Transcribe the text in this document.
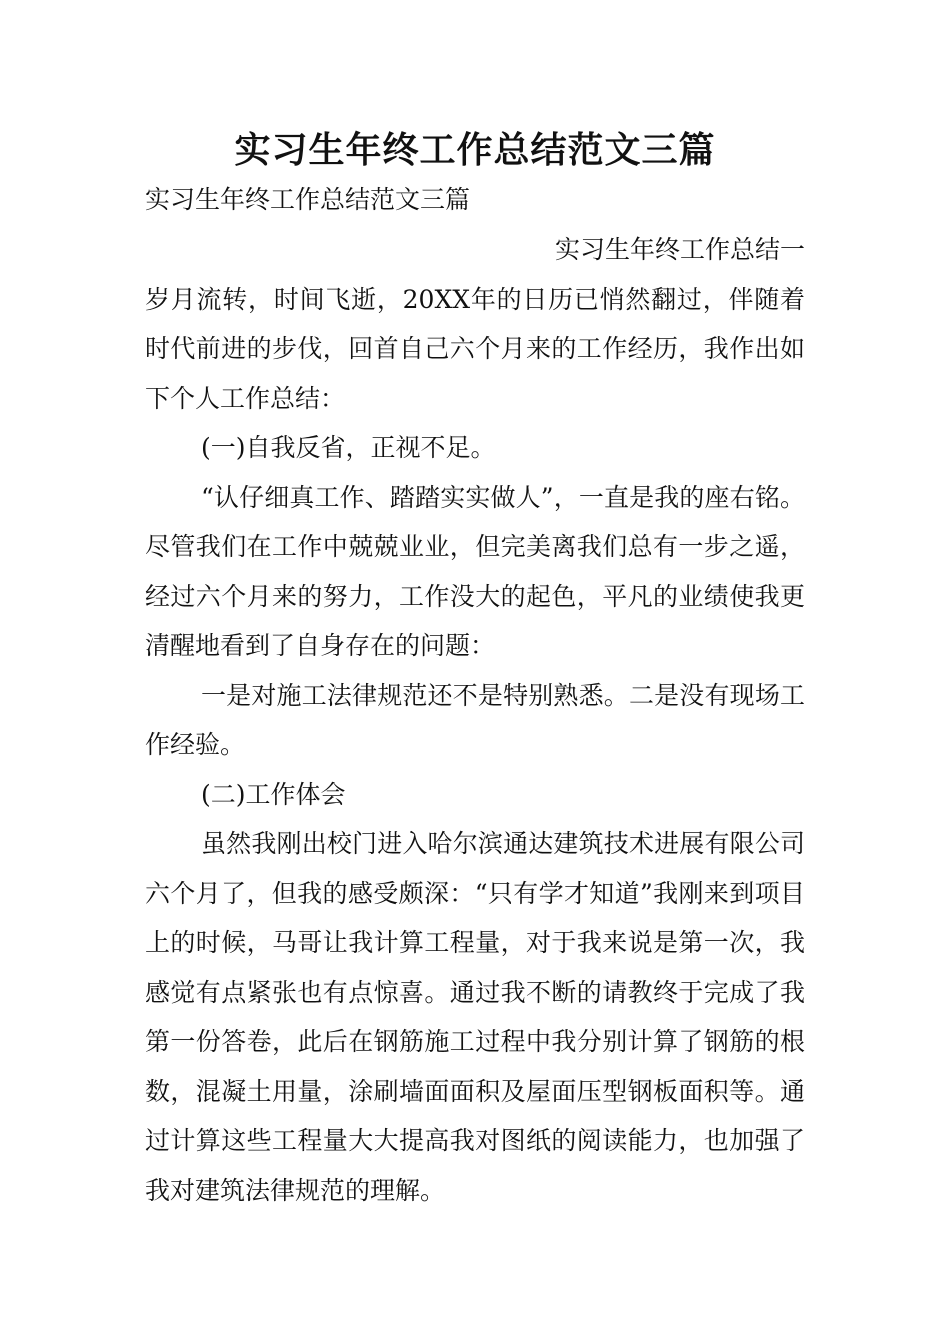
实习生年终工作总结范文三篇

实习生年终工作总结范文三篇

实习生年终工作总结一

岁月流转，时间飞逝，20XX年的日历已悄然翻过，伴随着时代前进的步伐，回首自己六个月来的工作经历，我作出如下个人工作总结：

(一)自我反省，正视不足。

“认仔细真工作、踏踏实实做人”，一直是我的座右铭。尽管我们在工作中兢兢业业，但完美离我们总有一步之遥，经过六个月来的努力，工作没大的起色，平凡的业绩使我更清醒地看到了自身存在的问题：

一是对施工法律规范还不是特别熟悉。二是没有现场工作经验。

(二)工作体会

虽然我刚出校门进入哈尔滨通达建筑技术进展有限公司六个月了，但我的感受颇深：“只有学才知道”我刚来到项目上的时候，马哥让我计算工程量，对于我来说是第一次，我感觉有点紧张也有点惊喜。通过我不断的请教终于完成了我第一份答卷，此后在钢筋施工过程中我分别计算了钢筋的根数，混凝土用量，涂刷墙面面积及屋面压型钢板面积等。通过计算这些工程量大大提高我对图纸的阅读能力，也加强了我对建筑法律规范的理解。
